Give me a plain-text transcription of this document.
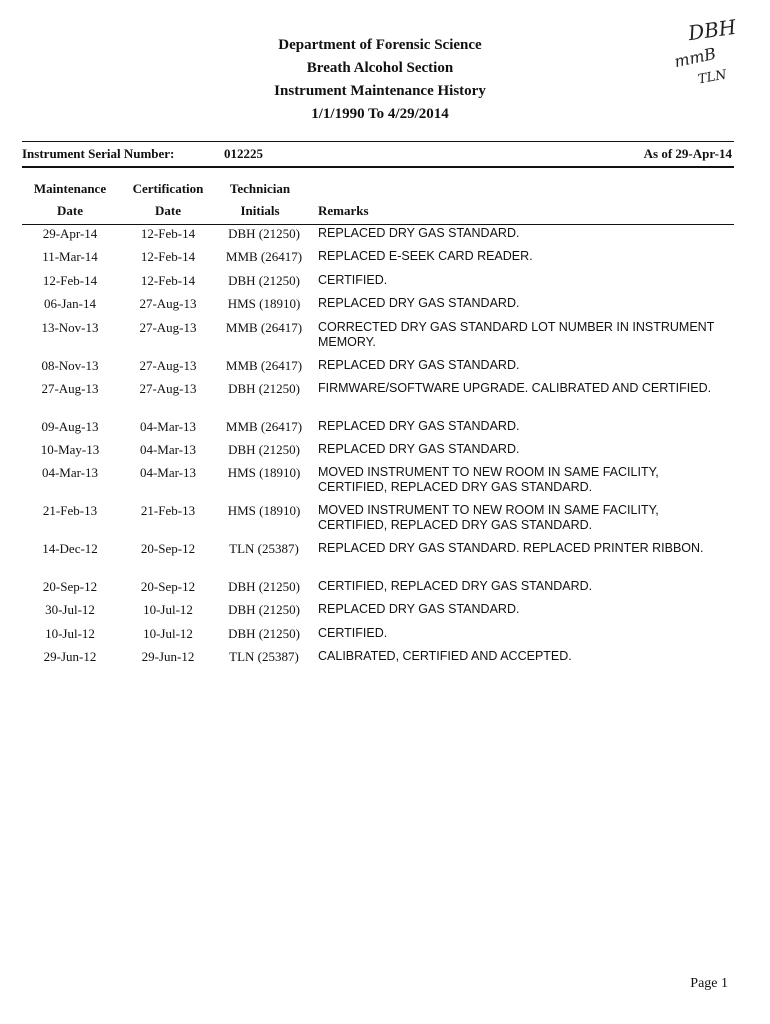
Department of Forensic Science
Breath Alcohol Section
Instrument Maintenance History
1/1/1990 To 4/29/2014
DBH
mmB
TLN
Instrument Serial Number:	012225	As of 29-Apr-14
Maintenance
Date
Certification
Date
Technician
Initials	Remarks
29-Apr-14	12-Feb-14	DBH (21250)	REPLACED DRY GAS STANDARD.
11-Mar-14	12-Feb-14	MMB (26417)	REPLACED E-SEEK CARD READER.
12-Feb-14	12-Feb-14	DBH (21250)	CERTIFIED.
06-Jan-14	27-Aug-13	HMS (18910)	REPLACED DRY GAS STANDARD.
13-Nov-13	27-Aug-13	MMB (26417)	CORRECTED DRY GAS STANDARD LOT NUMBER IN INSTRUMENT MEMORY.
08-Nov-13	27-Aug-13	MMB (26417)	REPLACED DRY GAS STANDARD.
27-Aug-13	27-Aug-13	DBH (21250)	FIRMWARE/SOFTWARE UPGRADE. CALIBRATED AND CERTIFIED.
09-Aug-13	04-Mar-13	MMB (26417)	REPLACED DRY GAS STANDARD.
10-May-13	04-Mar-13	DBH (21250)	REPLACED DRY GAS STANDARD.
04-Mar-13	04-Mar-13	HMS (18910)	MOVED INSTRUMENT TO NEW ROOM IN SAME FACILITY, CERTIFIED, REPLACED DRY GAS STANDARD.
21-Feb-13	21-Feb-13	HMS (18910)	MOVED INSTRUMENT TO NEW ROOM IN SAME FACILITY, CERTIFIED, REPLACED DRY GAS STANDARD.
14-Dec-12	20-Sep-12	TLN (25387)	REPLACED DRY GAS STANDARD. REPLACED PRINTER RIBBON.
20-Sep-12	20-Sep-12	DBH (21250)	CERTIFIED, REPLACED DRY GAS STANDARD.
30-Jul-12	10-Jul-12	DBH (21250)	REPLACED DRY GAS STANDARD.
10-Jul-12	10-Jul-12	DBH (21250)	CERTIFIED.
29-Jun-12	29-Jun-12	TLN (25387)	CALIBRATED, CERTIFIED AND ACCEPTED.
Page 1
